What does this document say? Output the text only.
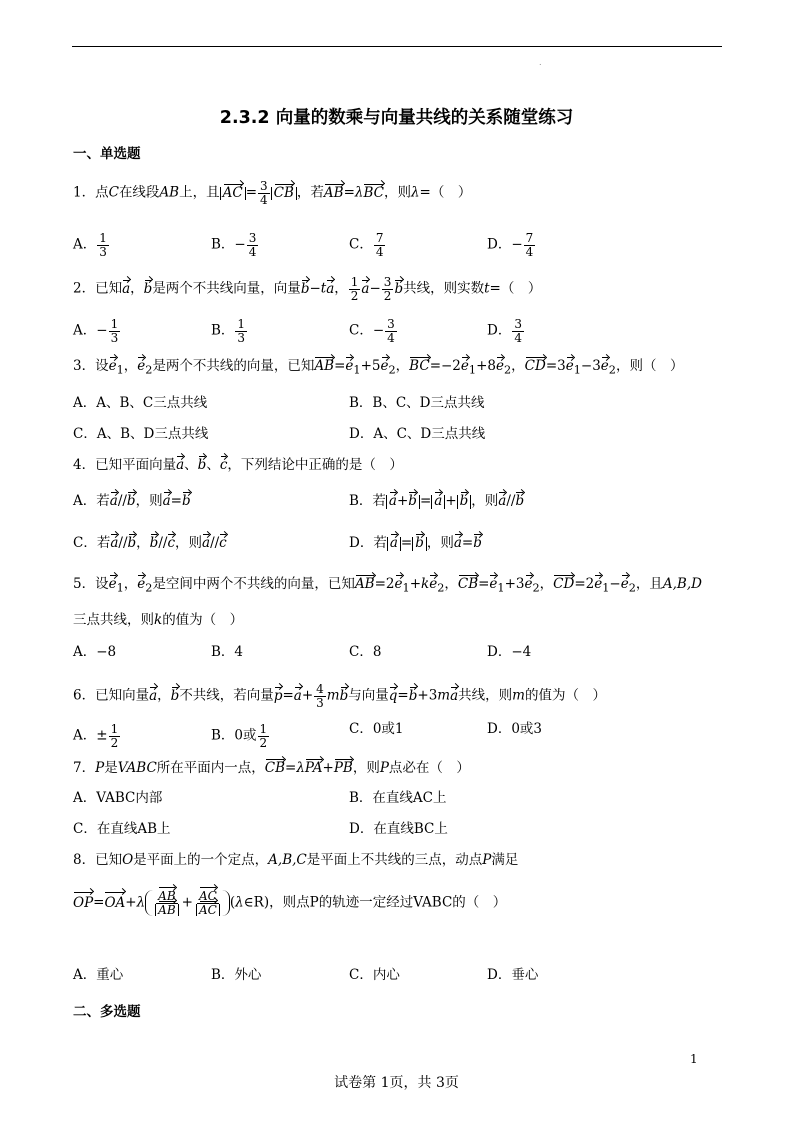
.
2.3.2 向量的数乘与向量共线的关系随堂练习
一、单选题
1．点C在线段AB上，且 AC = $\frac{3}{4}$ CB ，若AB=λBC，则λ=（　）
A． $\frac{1}{3}$	B．− $\frac{3}{4}$	C． $\frac{7}{4}$	D．− $\frac{7}{4}$
2．已知a，b是两个不共线向量，向量b−ta， $\frac{1}{2} a- \frac{3}{2}$ b共线，则实数t=（　）
A．− $\frac{1}{3}$	B． $\frac{1}{3}$	C．− $\frac{3}{4}$	D． $\frac{3}{4}$
3．设$e_1$，$e_2$是两个不共线的向量，已知$AB=e_1+5e_2$，$BC=-2e_1+8e_2$，$CD=3e_1-3e_2$，则（　）
A．A、B、C三点共线	B．B、C、D三点共线
C．A、B、D三点共线	D．A、C、D三点共线
4．已知平面向量a、b、c，下列结论中正确的是（　）
A．若a//b，则a=b	B．若 a+b = a + b ，则a//b
C．若a//b，b//c，则a//c	D．若 a = b ，则a=b
5．设$e_1$，$e_2$是空间中两个不共线的向量，已知$AB=2e_1+ke_2$，$CB=e_1+3e_2$，$CD=2e_1-e_2$，且A,B,D
三点共线，则k的值为（　）
A．−8	B．4	C．8	D．−4
6．已知向量a，b不共线，若向量$p=a+ \frac{4}{3}$ mb与向量q=b+3ma共线，则m的值为（　）
A．± $\frac{1}{2}$	B．0或 $\frac{1}{2}$	C．0或1	D．0或3
7．P是VABC所在平面内一点，CB=λPA+PB，则P点必在（　）
A．VABC内部	B．在直线AC上
C．在直线AB上	D．在直线BC上
8．已知O是平面上的一个定点，A,B,C是平面上不共线的三点，动点P满足
$OP=OA+\lambda \frac{AB}{AB} + \frac{AC}{AC}$ (λ∈R)，则点P的轨迹一定经过VABC的（　）
A．重心	B．外心	C．内心	D．垂心
二、多选题
1
试卷第 1页，共 3页
